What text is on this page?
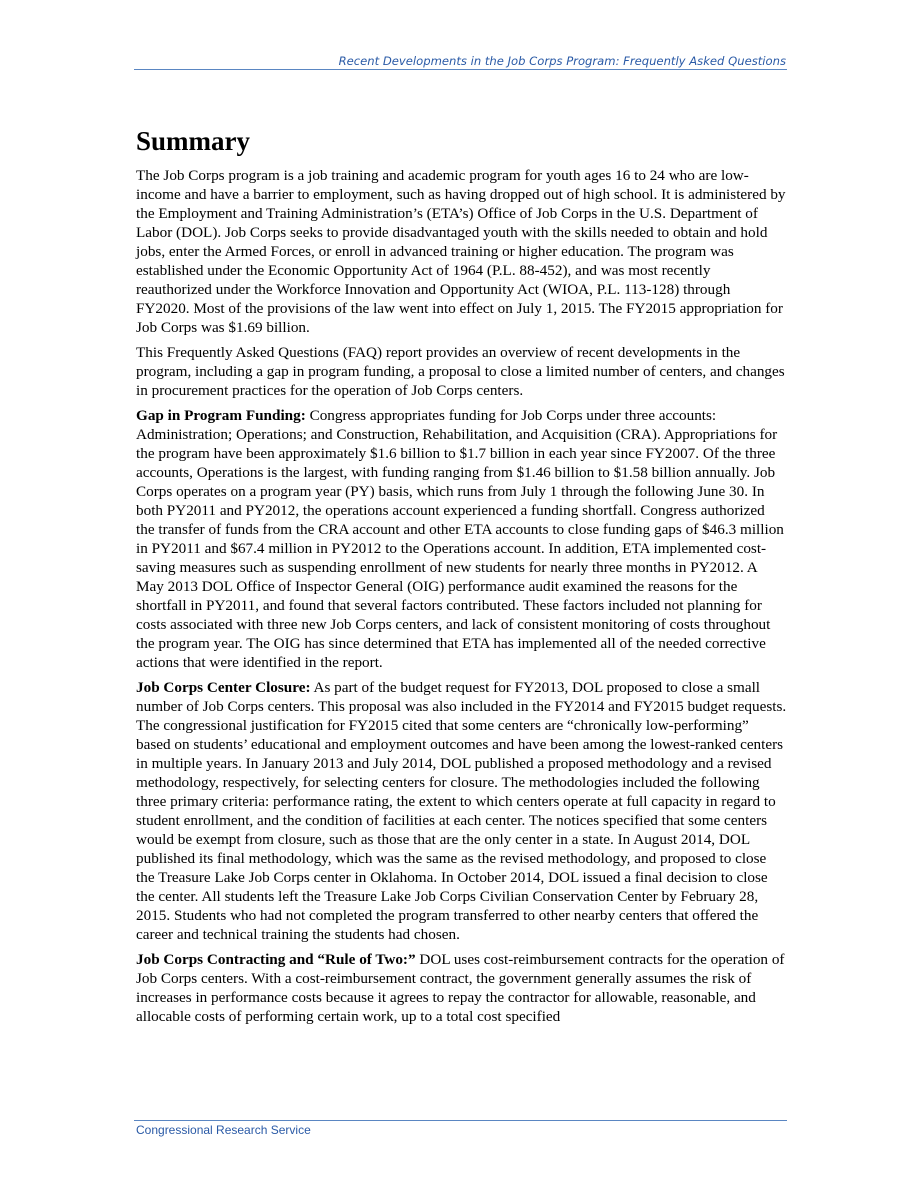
Recent Developments in the Job Corps Program: Frequently Asked Questions
Summary

The Job Corps program is a job training and academic program for youth ages 16 to 24 who are low-income and have a barrier to employment, such as having dropped out of high school. It is administered by the Employment and Training Administration’s (ETA’s) Office of Job Corps in the U.S. Department of Labor (DOL). Job Corps seeks to provide disadvantaged youth with the skills needed to obtain and hold jobs, enter the Armed Forces, or enroll in advanced training or higher education. The program was established under the Economic Opportunity Act of 1964 (P.L. 88-452), and was most recently reauthorized under the Workforce Innovation and Opportunity Act (WIOA, P.L. 113-128) through FY2020. Most of the provisions of the law went into effect on July 1, 2015. The FY2015 appropriation for Job Corps was $1.69 billion.

This Frequently Asked Questions (FAQ) report provides an overview of recent developments in the program, including a gap in program funding, a proposal to close a limited number of centers, and changes in procurement practices for the operation of Job Corps centers.

Gap in Program Funding: Congress appropriates funding for Job Corps under three accounts: Administration; Operations; and Construction, Rehabilitation, and Acquisition (CRA). Appropriations for the program have been approximately $1.6 billion to $1.7 billion in each year since FY2007. Of the three accounts, Operations is the largest, with funding ranging from $1.46 billion to $1.58 billion annually. Job Corps operates on a program year (PY) basis, which runs from July 1 through the following June 30. In both PY2011 and PY2012, the operations account experienced a funding shortfall. Congress authorized the transfer of funds from the CRA account and other ETA accounts to close funding gaps of $46.3 million in PY2011 and $67.4 million in PY2012 to the Operations account. In addition, ETA implemented cost-saving measures such as suspending enrollment of new students for nearly three months in PY2012. A May 2013 DOL Office of Inspector General (OIG) performance audit examined the reasons for the shortfall in PY2011, and found that several factors contributed. These factors included not planning for costs associated with three new Job Corps centers, and lack of consistent monitoring of costs throughout the program year. The OIG has since determined that ETA has implemented all of the needed corrective actions that were identified in the report.

Job Corps Center Closure: As part of the budget request for FY2013, DOL proposed to close a small number of Job Corps centers. This proposal was also included in the FY2014 and FY2015 budget requests. The congressional justification for FY2015 cited that some centers are “chronically low-performing” based on students’ educational and employment outcomes and have been among the lowest-ranked centers in multiple years. In January 2013 and July 2014, DOL published a proposed methodology and a revised methodology, respectively, for selecting centers for closure. The methodologies included the following three primary criteria: performance rating, the extent to which centers operate at full capacity in regard to student enrollment, and the condition of facilities at each center. The notices specified that some centers would be exempt from closure, such as those that are the only center in a state. In August 2014, DOL published its final methodology, which was the same as the revised methodology, and proposed to close the Treasure Lake Job Corps center in Oklahoma. In October 2014, DOL issued a final decision to close the center. All students left the Treasure Lake Job Corps Civilian Conservation Center by February 28, 2015. Students who had not completed the program transferred to other nearby centers that offered the career and technical training the students had chosen.

Job Corps Contracting and “Rule of Two:” DOL uses cost-reimbursement contracts for the operation of Job Corps centers. With a cost-reimbursement contract, the government generally assumes the risk of increases in performance costs because it agrees to repay the contractor for allowable, reasonable, and allocable costs of performing certain work, up to a total cost specified

Congressional Research Service
